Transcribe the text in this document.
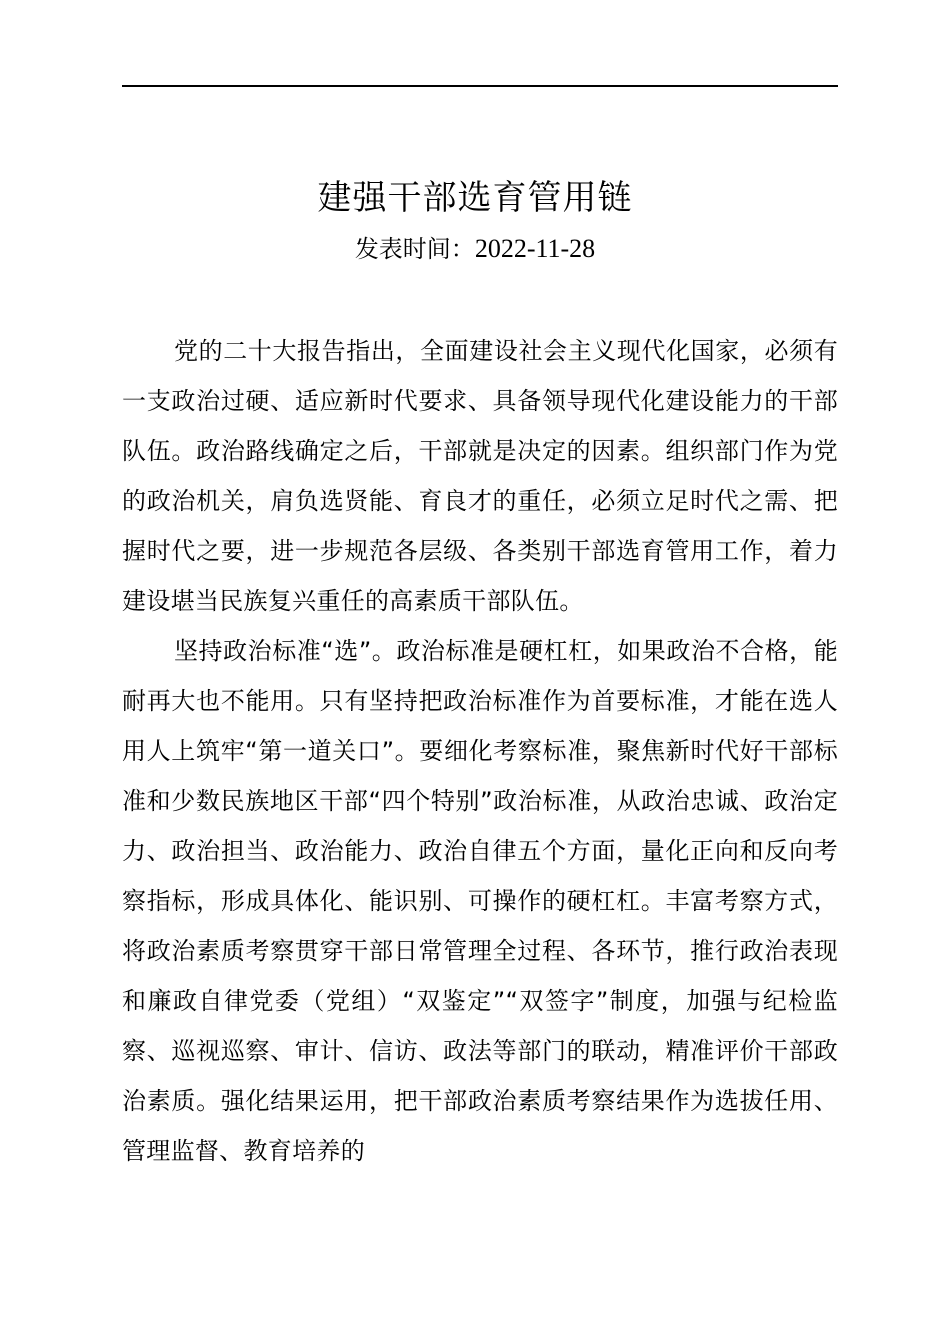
建强干部选育管用链
发表时间：2022-11-28

党的二十大报告指出，全面建设社会主义现代化国家，必须有一支政治过硬、适应新时代要求、具备领导现代化建设能力的干部队伍。政治路线确定之后，干部就是决定的因素。组织部门作为党的政治机关，肩负选贤能、育良才的重任，必须立足时代之需、把握时代之要，进一步规范各层级、各类别干部选育管用工作，着力建设堪当民族复兴重任的高素质干部队伍。

坚持政治标准“选”。政治标准是硬杠杠，如果政治不合格，能耐再大也不能用。只有坚持把政治标准作为首要标准，才能在选人用人上筑牢“第一道关口”。要细化考察标准，聚焦新时代好干部标准和少数民族地区干部“四个特别”政治标准，从政治忠诚、政治定力、政治担当、政治能力、政治自律五个方面，量化正向和反向考察指标，形成具体化、能识别、可操作的硬杠杠。丰富考察方式，将政治素质考察贯穿干部日常管理全过程、各环节，推行政治表现和廉政自律党委（党组）“双鉴定”“双签字”制度，加强与纪检监察、巡视巡察、审计、信访、政法等部门的联动，精准评价干部政治素质。强化结果运用，把干部政治素质考察结果作为选拔任用、管理监督、教育培养的
